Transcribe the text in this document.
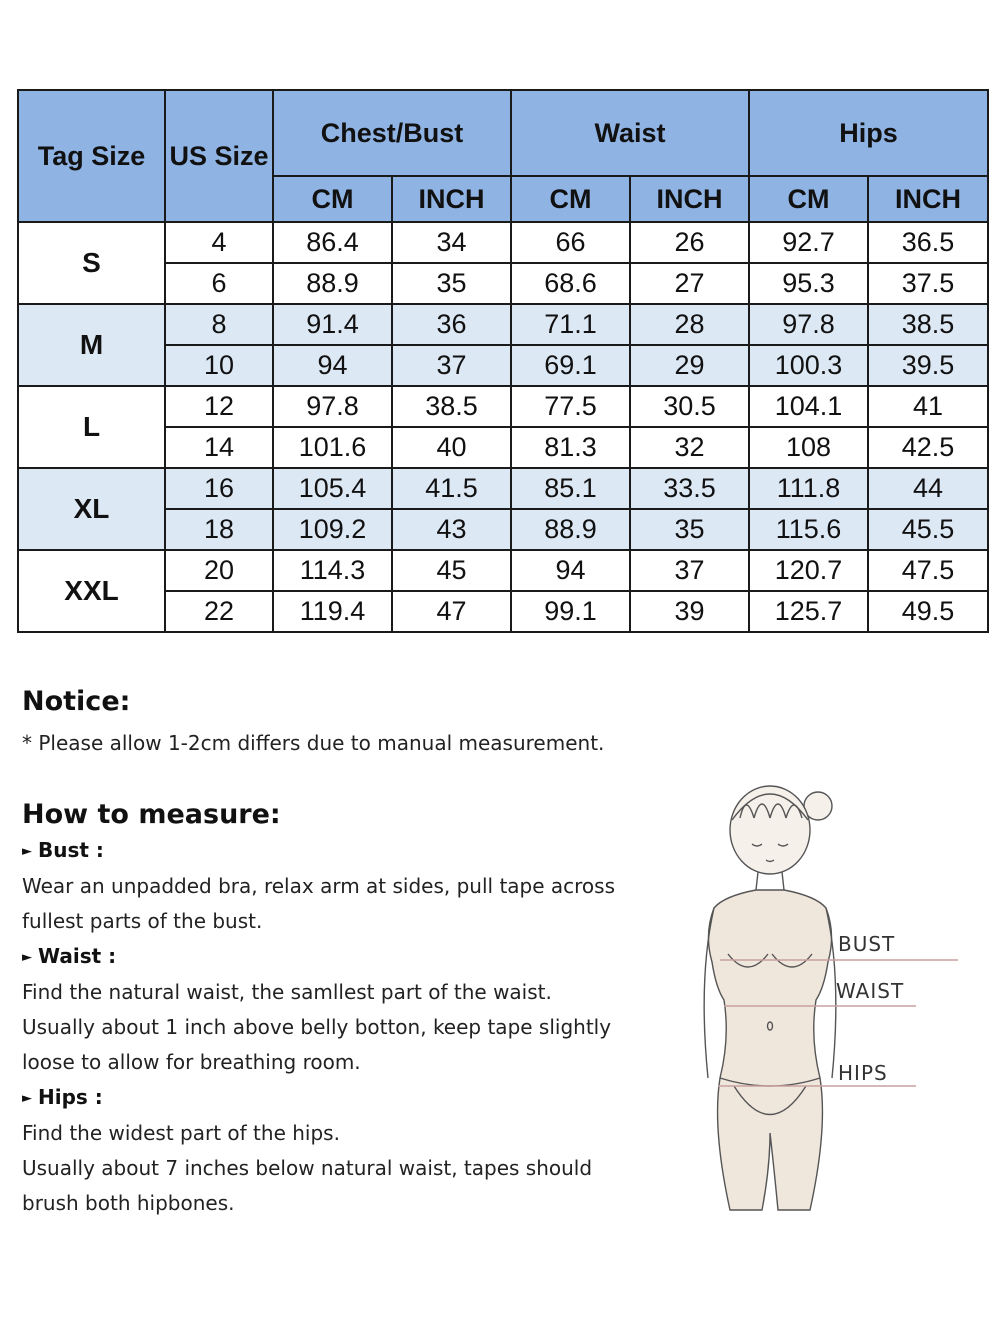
Tag Size	US Size	Chest/Bust		Waist		Hips	
		CM	INCH	CM	INCH	CM	INCH
S	4	86.4	34	66	26	92.7	36.5
	6	88.9	35	68.6	27	95.3	37.5
M	8	91.4	36	71.1	28	97.8	38.5
	10	94	37	69.1	29	100.3	39.5
L	12	97.8	38.5	77.5	30.5	104.1	41
	14	101.6	40	81.3	32	108	42.5
XL	16	105.4	41.5	85.1	33.5	111.8	44
	18	109.2	43	88.9	35	115.6	45.5
XXL	20	114.3	45	94	37	120.7	47.5
	22	119.4	47	99.1	39	125.7	49.5
Notice:

* Please allow 1-2cm differs due to manual measurement.

How to measure:
► Bust :

Wear an unpadded bra, relax arm at sides, pull tape across

fullest parts of the bust.

► Waist :

Find the natural waist, the samllest part of the waist.

Usually about 1 inch above belly botton, keep tape slightly

loose to allow for breathing room.

► Hips :

Find the widest part of the hips.

Usually about 7 inches below natural waist, tapes should

brush both hipbones.

BUST
WAIST
HIPS
